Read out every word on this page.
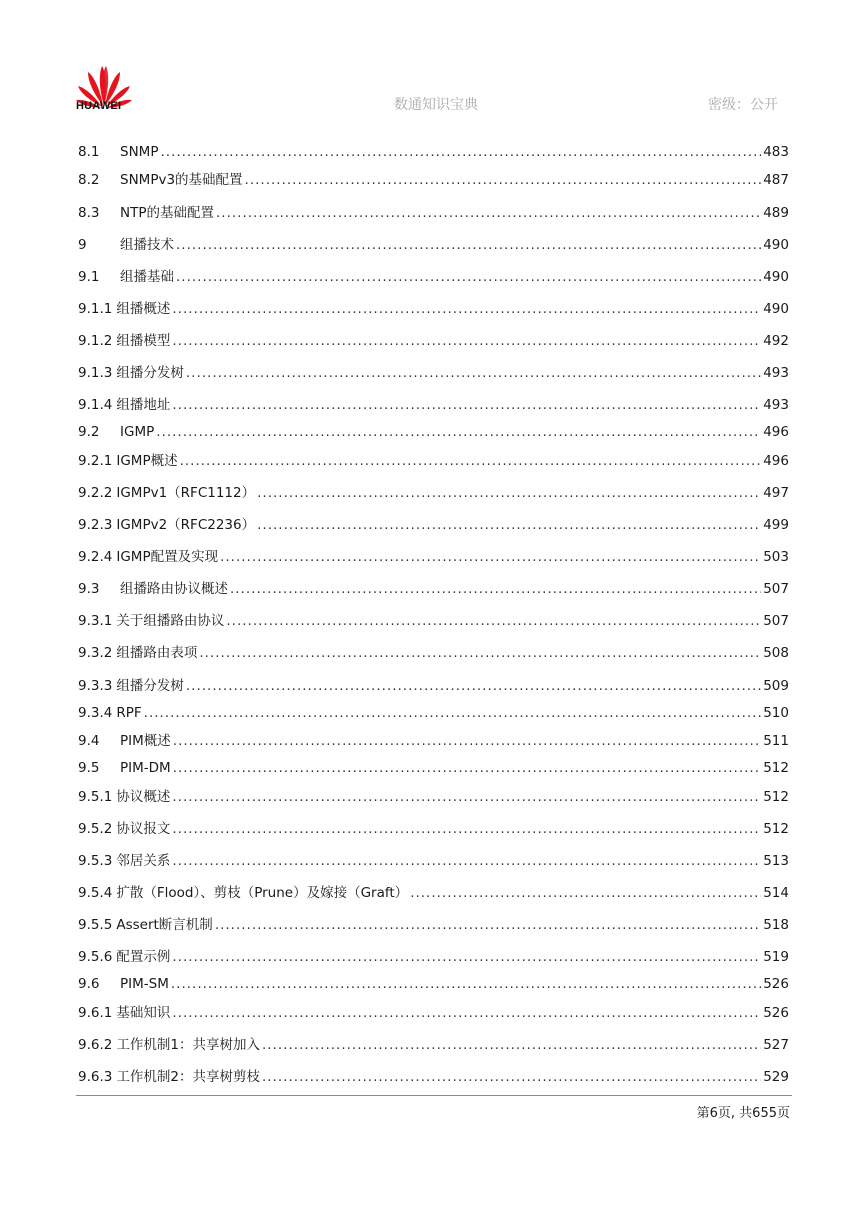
HUAWEI	数通知识宝典	密级：公开
8.1	SNMP .....	483
8.2	SNMPv3的基础配置 .....	487
8.3	NTP的基础配置 .....	489
9	组播技术 .....	490
9.1	组播基础 .....	490
9.1.1 组播概述 .....	490
9.1.2 组播模型 .....	492
9.1.3 组播分发树 .....	493
9.1.4 组播地址 .....	493
9.2	IGMP .....	496
9.2.1 IGMP概述 .....	496
9.2.2 IGMPv1（RFC1112） .....	497
9.2.3 IGMPv2（RFC2236） .....	499
9.2.4 IGMP配置及实现 .....	503
9.3	组播路由协议概述 .....	507
9.3.1 关于组播路由协议 .....	507
9.3.2 组播路由表项 .....	508
9.3.3 组播分发树 .....	509
9.3.4 RPF .....	510
9.4	PIM概述 .....	511
9.5	PIM-DM .....	512
9.5.1 协议概述 .....	512
9.5.2 协议报文 .....	512
9.5.3 邻居关系 .....	513
9.5.4 扩散（Flood）、剪枝（Prune）及嫁接（Graft） .....	514
9.5.5 Assert断言机制 .....	518
9.5.6 配置示例 .....	519
9.6	PIM-SM .....	526
9.6.1 基础知识 .....	526
9.6.2 工作机制1：共享树加入 .....	527
9.6.3 工作机制2：共享树剪枝 .....	529
第6页, 共655页
